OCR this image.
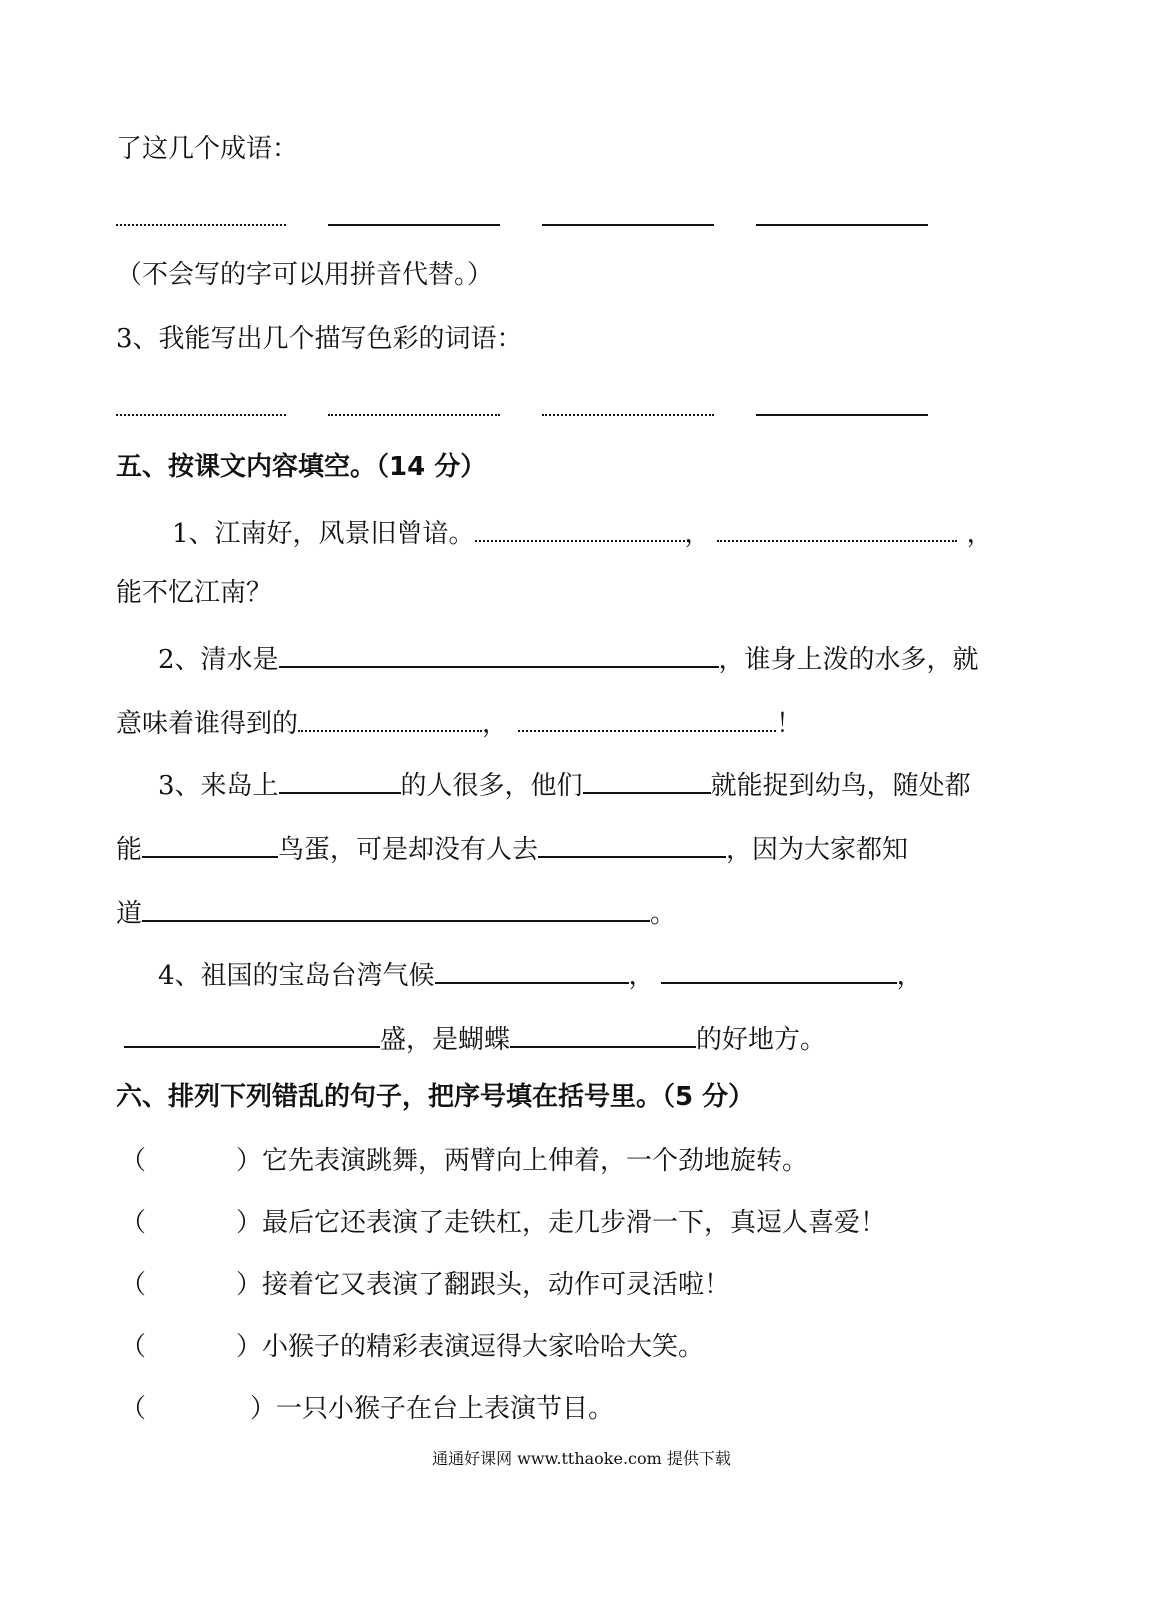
了这几个成语：
（不会写的字可以用拼音代替。）
3、我能写出几个描写色彩的词语：
五、按课文内容填空。（14 分）
1、江南好，风景旧曾谙。	，	，
能不忆江南？
2、清水是	，谁身上泼的水多，就
意味着谁得到的	，	！
3、来岛上	的人很多，他们	就能捉到幼鸟，随处都
能	鸟蛋，可是却没有人去	，因为大家都知
道	。
4、祖国的宝岛台湾气候	，	，
盛，是蝴蝶	的好地方。
六、排列下列错乱的句子，把序号填在括号里。（5 分）
（	）它先表演跳舞，两臂向上伸着，一个劲地旋转。
（	）最后它还表演了走铁杠，走几步滑一下，真逗人喜爱！
（	）接着它又表演了翻跟头，动作可灵活啦！
（	）小猴子的精彩表演逗得大家哈哈大笑。
（	）一只小猴子在台上表演节目。
通通好课网 www.tthaoke.com 提供下载
